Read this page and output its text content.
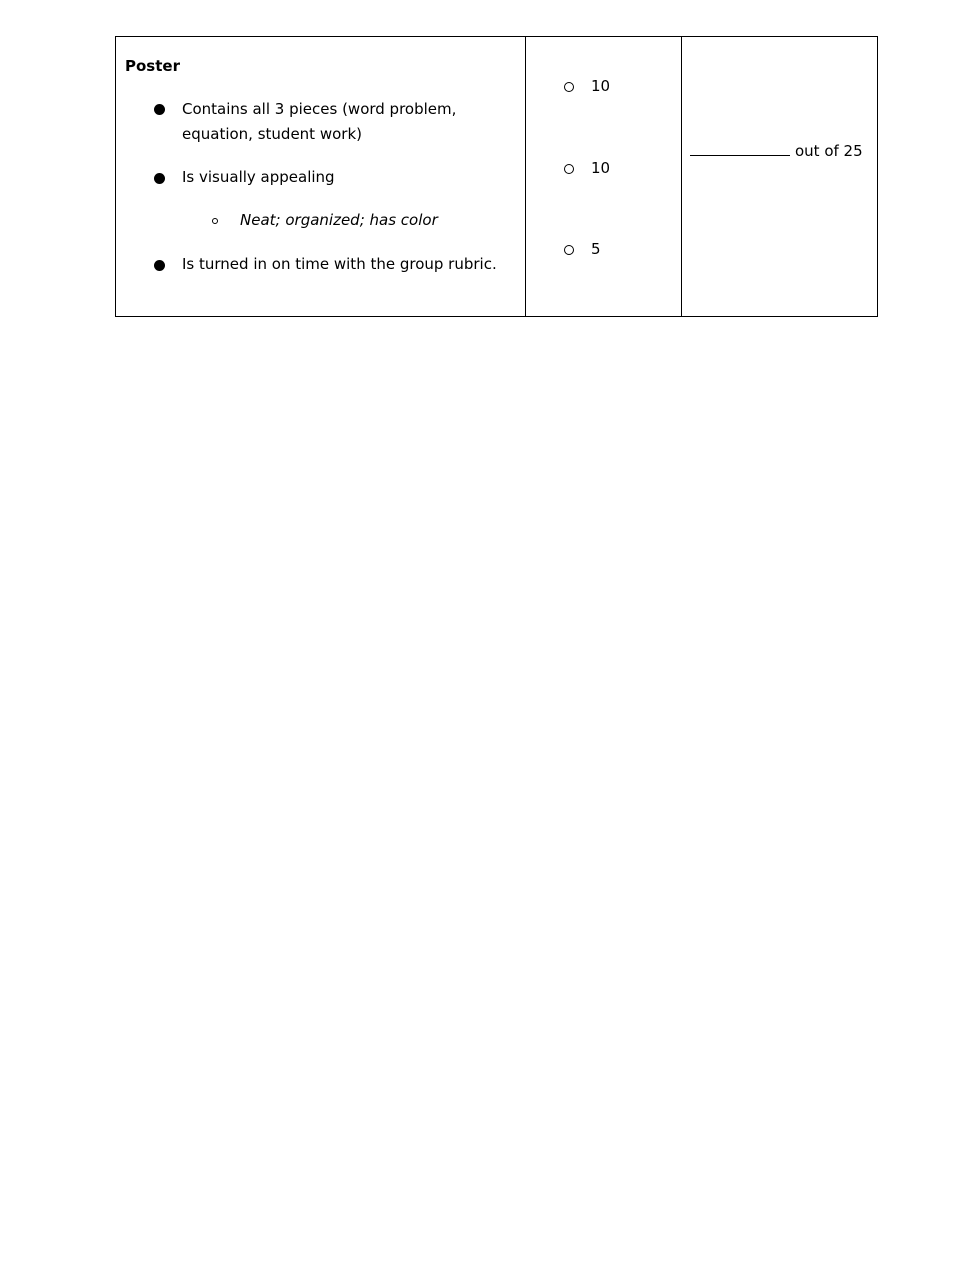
Poster
Contains all 3 pieces (word problem,
equation, student work)
Is visually appealing
Neat; organized; has color
Is turned in on time with the group rubric.
10
10
5
out of 25
